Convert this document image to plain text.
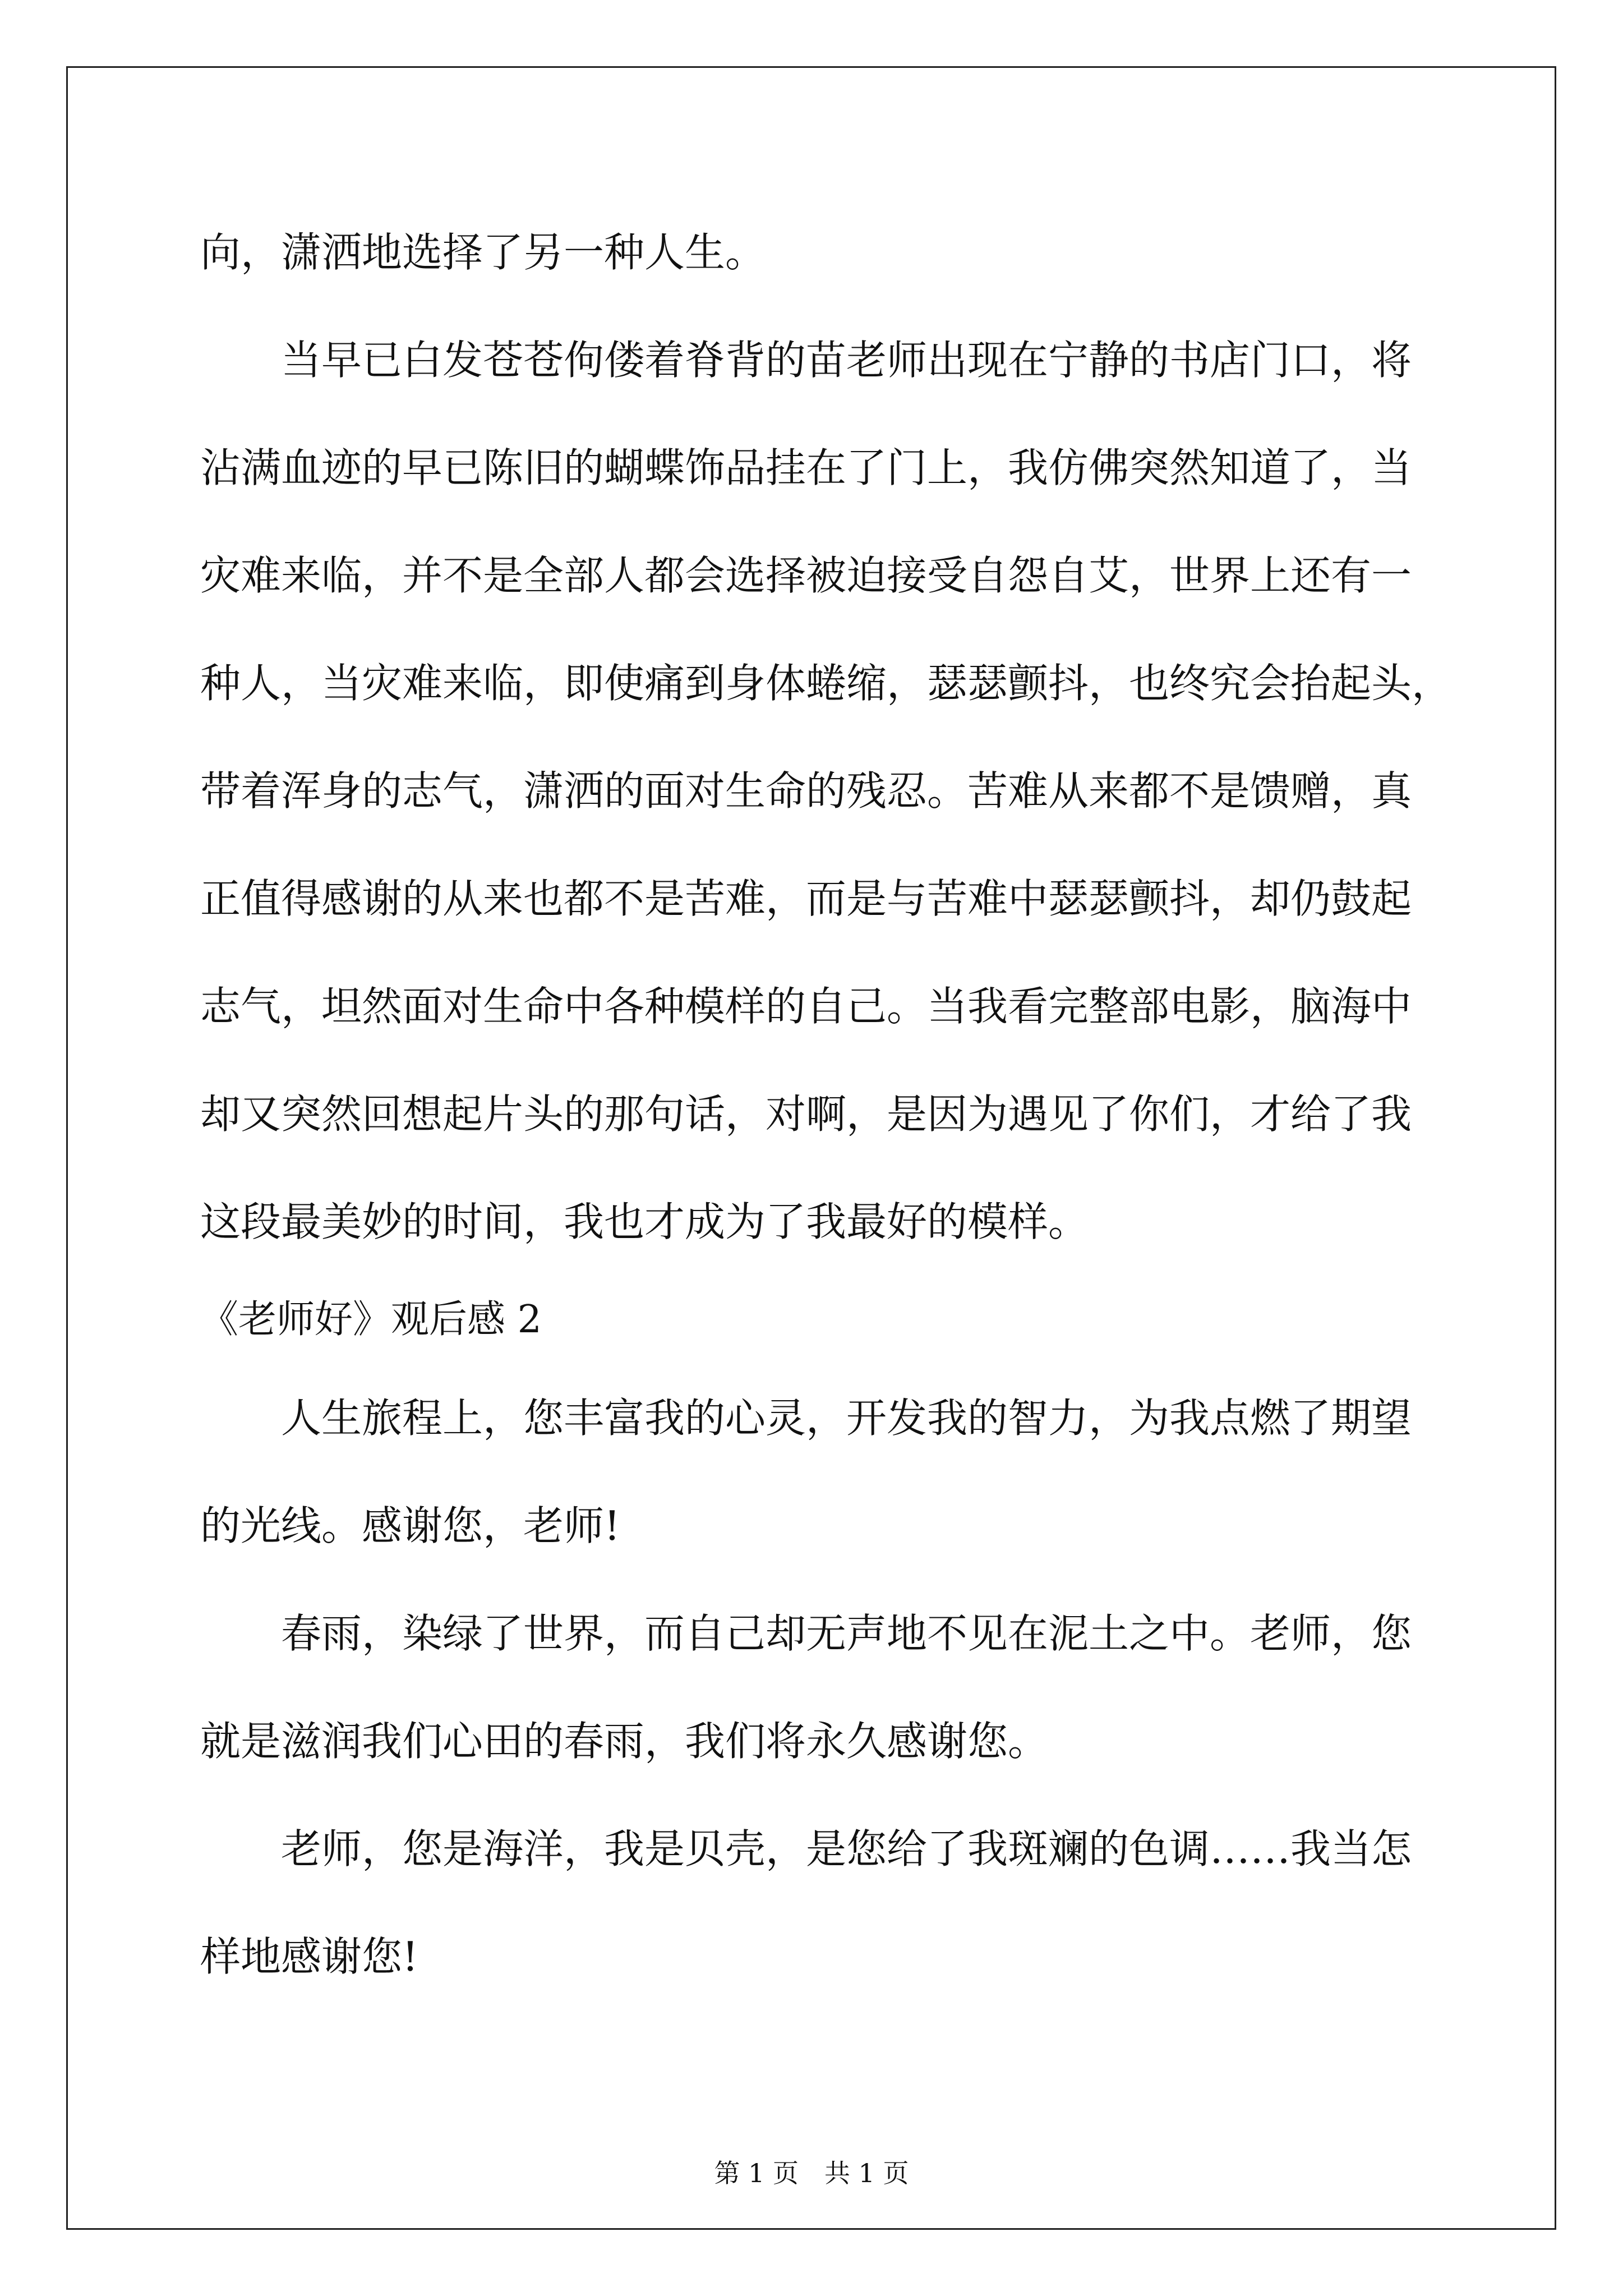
向，潇洒地选择了另一种人生。
　　当早已白发苍苍佝偻着脊背的苗老师出现在宁静的书店门口，将
沾满血迹的早已陈旧的蝴蝶饰品挂在了门上，我仿佛突然知道了，当
灾难来临，并不是全部人都会选择被迫接受自怨自艾，世界上还有一
种人，当灾难来临，即使痛到身体蜷缩，瑟瑟颤抖，也终究会抬起头，
带着浑身的志气，潇洒的面对生命的残忍。苦难从来都不是馈赠，真
正值得感谢的从来也都不是苦难，而是与苦难中瑟瑟颤抖，却仍鼓起
志气，坦然面对生命中各种模样的自己。当我看完整部电影，脑海中
却又突然回想起片头的那句话，对啊，是因为遇见了你们，才给了我
这段最美妙的时间，我也才成为了我最好的模样。
《老师好》观后感 2
　　人生旅程上，您丰富我的心灵，开发我的智力，为我点燃了期望
的光线。感谢您，老师!
　　春雨，染绿了世界，而自己却无声地不见在泥土之中。老师，您
就是滋润我们心田的春雨，我们将永久感谢您。
　　老师，您是海洋，我是贝壳，是您给了我斑斓的色调……我当怎
样地感谢您!
第 1 页　共 1 页
